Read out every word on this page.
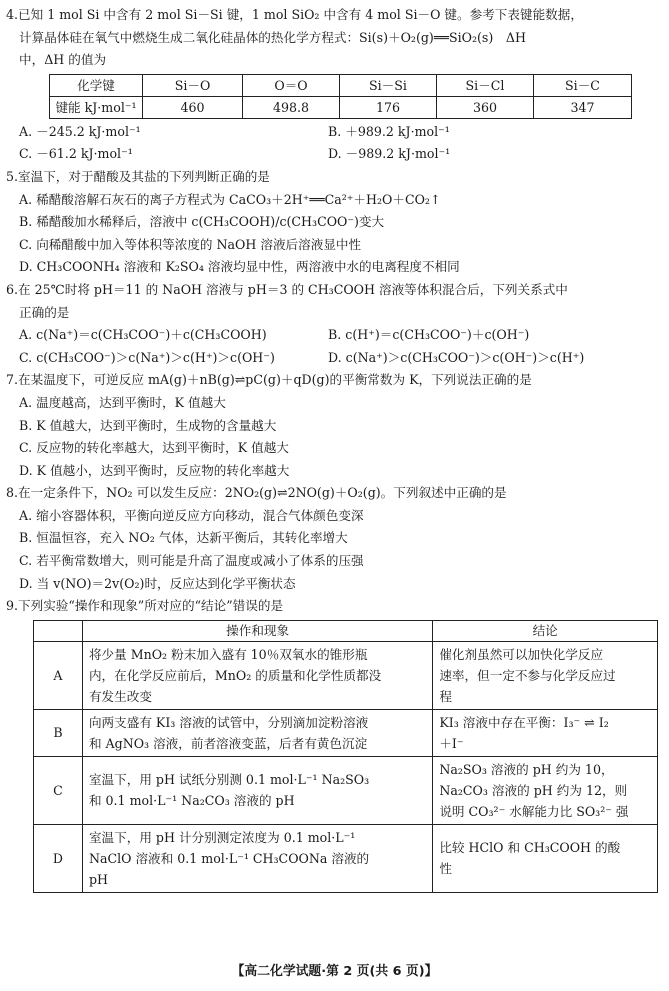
4.已知 1 mol Si 中含有 2 mol Si－Si 键，1 mol SiO₂ 中含有 4 mol Si－O 键。参考下表键能数据，
计算晶体硅在氧气中燃烧生成二氧化硅晶体的热化学方程式：Si(s)＋O₂(g)══SiO₂(s)　ΔH
中，ΔH 的值为
化学键	Si－O	O＝O	Si－Si	Si－Cl	Si－C
键能 kJ·mol⁻¹	460	498.8	176	360	347
A. －245.2 kJ·mol⁻¹	B. ＋989.2 kJ·mol⁻¹
C. －61.2 kJ·mol⁻¹	D. －989.2 kJ·mol⁻¹
5.室温下，对于醋酸及其盐的下列判断正确的是
A. 稀醋酸溶解石灰石的离子方程式为 CaCO₃＋2H⁺══Ca²⁺＋H₂O＋CO₂↑
B. 稀醋酸加水稀释后，溶液中 c(CH₃COOH)/c(CH₃COO⁻)变大
C. 向稀醋酸中加入等体积等浓度的 NaOH 溶液后溶液显中性
D. CH₃COONH₄ 溶液和 K₂SO₄ 溶液均显中性，两溶液中水的电离程度不相同
6.在 25℃时将 pH＝11 的 NaOH 溶液与 pH＝3 的 CH₃COOH 溶液等体积混合后，下列关系式中
正确的是
A. c(Na⁺)＝c(CH₃COO⁻)＋c(CH₃COOH)	B. c(H⁺)＝c(CH₃COO⁻)＋c(OH⁻)
C. c(CH₃COO⁻)＞c(Na⁺)＞c(H⁺)＞c(OH⁻)	D. c(Na⁺)＞c(CH₃COO⁻)＞c(OH⁻)＞c(H⁺)
7.在某温度下，可逆反应 mA(g)＋nB(g)⇌pC(g)＋qD(g)的平衡常数为 K，下列说法正确的是
A. 温度越高，达到平衡时，K 值越大
B. K 值越大，达到平衡时，生成物的含量越大
C. 反应物的转化率越大，达到平衡时，K 值越大
D. K 值越小，达到平衡时，反应物的转化率越大
8.在一定条件下，NO₂ 可以发生反应：2NO₂(g)⇌2NO(g)＋O₂(g)。下列叙述中正确的是
A. 缩小容器体积，平衡向逆反应方向移动，混合气体颜色变深
B. 恒温恒容，充入 NO₂ 气体，达新平衡后，其转化率增大
C. 若平衡常数增大，则可能是升高了温度或减小了体系的压强
D. 当 v(NO)＝2v(O₂)时，反应达到化学平衡状态
9.下列实验“操作和现象”所对应的“结论”错误的是
	操作和现象	结论
A	将少量 MnO₂ 粉末加入盛有 10％双氧水的锥形瓶
内，在化学反应前后，MnO₂ 的质量和化学性质都没
有发生改变	催化剂虽然可以加快化学反应
速率，但一定不参与化学反应过
程
B	向两支盛有 KI₃ 溶液的试管中，分别滴加淀粉溶液
和 AgNO₃ 溶液，前者溶液变蓝，后者有黄色沉淀	KI₃ 溶液中存在平衡：I₃⁻ ⇌ I₂
＋I⁻
C	室温下，用 pH 试纸分别测 0.1 mol·L⁻¹ Na₂SO₃
和 0.1 mol·L⁻¹ Na₂CO₃ 溶液的 pH	Na₂SO₃ 溶液的 pH 约为 10，
Na₂CO₃ 溶液的 pH 约为 12，则
说明 CO₃²⁻ 水解能力比 SO₃²⁻ 强
D	室温下，用 pH 计分别测定浓度为 0.1 mol·L⁻¹
NaClO 溶液和 0.1 mol·L⁻¹ CH₃COONa 溶液的
pH	比较 HClO 和 CH₃COOH 的酸
性
【高二化学试题·第 2 页(共 6 页)】
